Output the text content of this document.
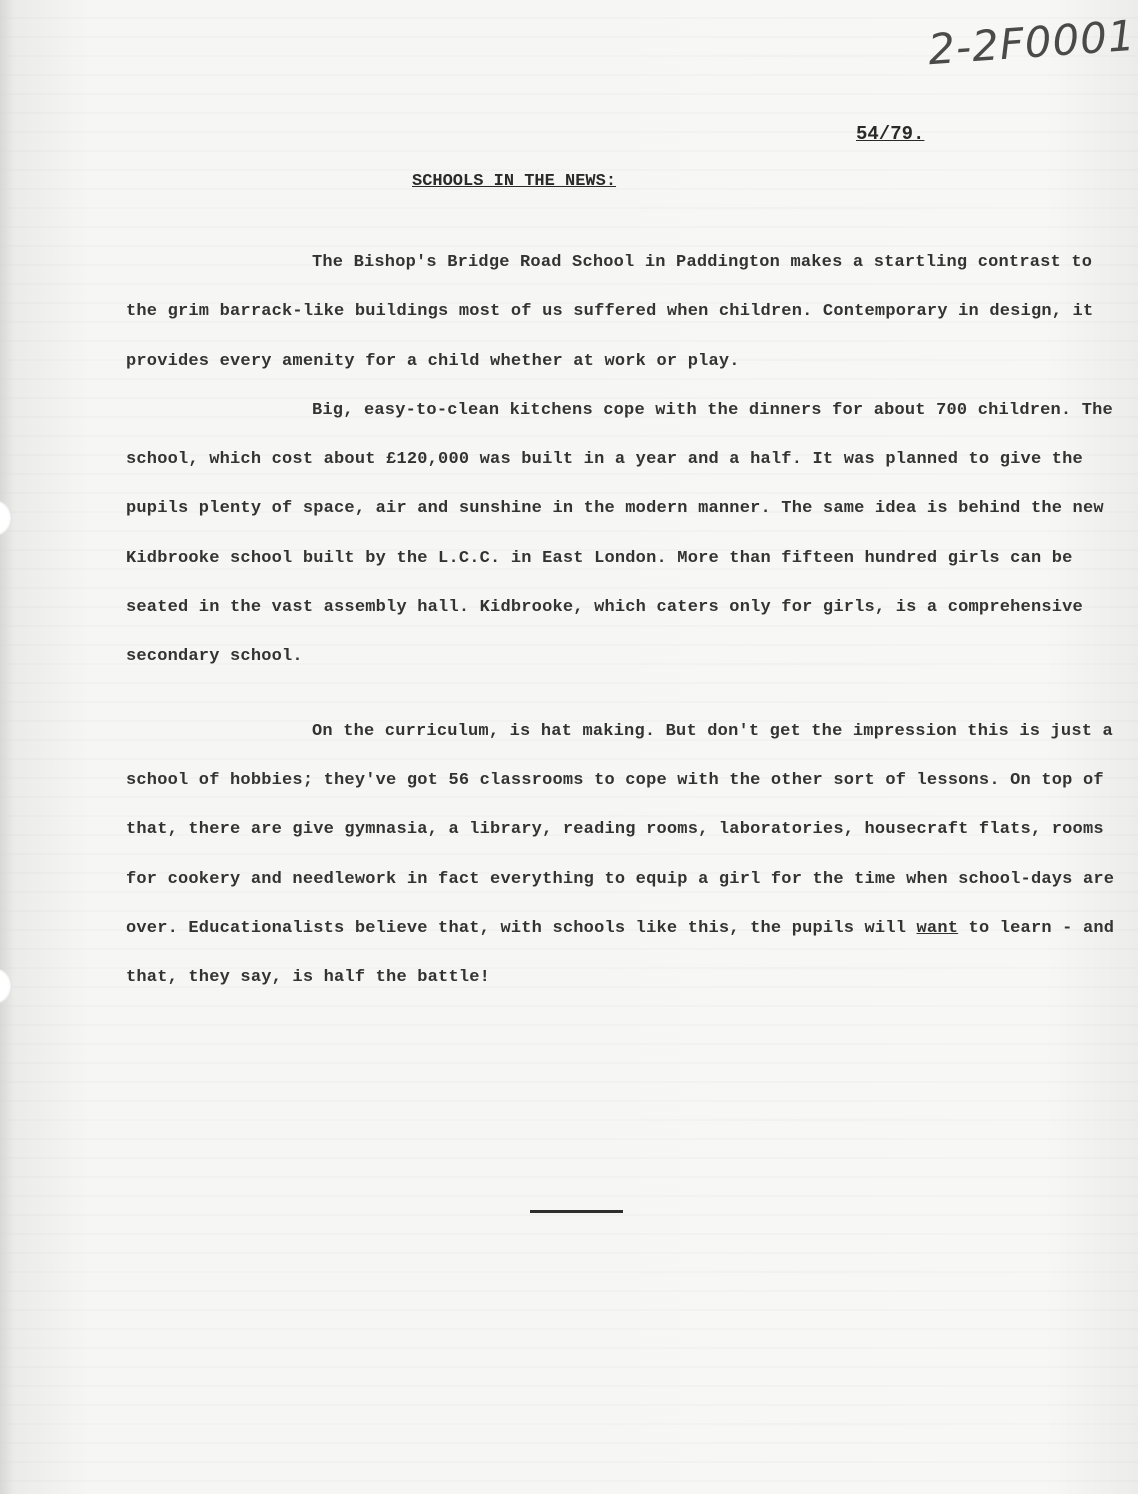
2-2F0001
54/79.
SCHOOLS IN THE NEWS:

The Bishop's Bridge Road School in Paddington makes a startling contrast to the grim barrack-like buildings most of us suffered when children. Contemporary in design, it provides every amenity for a child whether at work or play.

Big, easy-to-clean kitchens cope with the dinners for about 700 children. The school, which cost about £120,000 was built in a year and a half. It was planned to give the pupils plenty of space, air and sunshine in the modern manner. The same idea is behind the new Kidbrooke school built by the L.C.C. in East London. More than fifteen hundred girls can be seated in the vast assembly hall. Kidbrooke, which caters only for girls, is a comprehensive secondary school.

On the curriculum, is hat making. But don't get the impression this is just a school of hobbies; they've got 56 classrooms to cope with the other sort of lessons. On top of that, there are give gymnasia, a library, reading rooms, laboratories, housecraft flats, rooms for cookery and needlework in fact everything to equip a girl for the time when school-days are over. Educationalists believe that, with schools like this, the pupils will want to learn - and that, they say, is half the battle!
